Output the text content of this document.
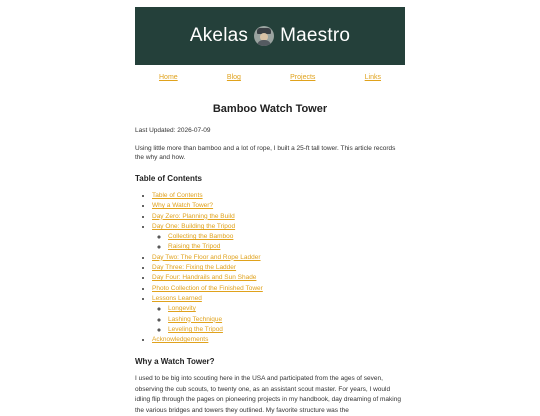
Akelas Maestro
Home	Blog	Projects	Links
Bamboo Watch Tower

Last Updated: 2026-07-09

Using little more than bamboo and a lot of rope, I built a 25-ft tall tower. This article records the why and how.

Table of Contents
• Table of Contents
• Why a Watch Tower?
• Day Zero: Planning the Build
• Day One: Building the Tripod
◦ Collecting the Bamboo
◦ Raising the Tripod
• Day Two: The Floor and Rope Ladder
• Day Three: Fixing the Ladder
• Day Four: Handrails and Sun Shade
• Photo Collection of the Finished Tower
• Lessons Learned
◦ Longevity
◦ Lashing Technique
◦ Leveling the Tripod
• Acknowledgements
Why a Watch Tower?

I used to be big into scouting here in the USA and participated from the ages of seven, observing the cub scouts, to twenty one, as an assistant scout master. For years, I would idling flip through the pages on pioneering projects in my handbook, day dreaming of making the various bridges and towers they outlined. My favorite structure was the
